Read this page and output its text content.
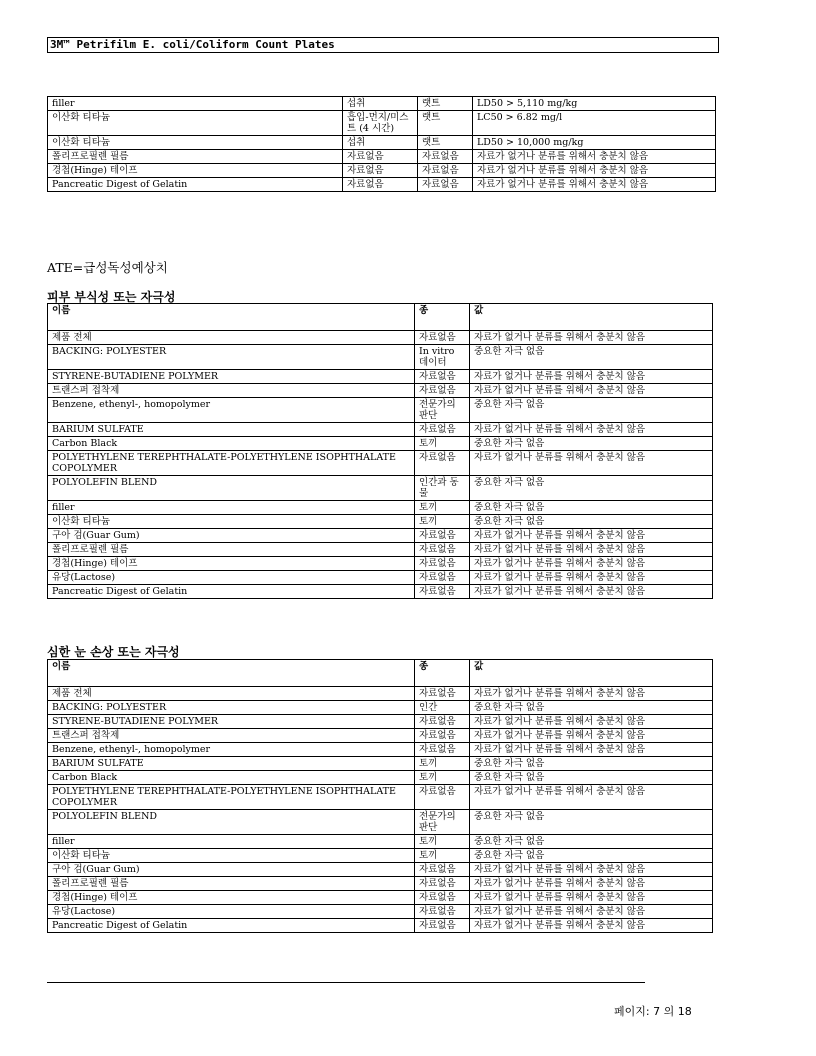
3M™ Petrifilm E. coli/Coliform Count Plates
filler	섭취	랫트	LD50 > 5,110 mg/kg
이산화 티타늄	흡입-먼지/미스트 (4 시간)	랫트	LC50 > 6.82 mg/l
이산화 티타늄	섭취	랫트	LD50 > 10,000 mg/kg
폴리프로필렌 필름	자료없음	자료없음	자료가 없거나 분류를 위해서 충분치 않음
경첩(Hinge) 테이프	자료없음	자료없음	자료가 없거나 분류를 위해서 충분치 않음
Pancreatic Digest of Gelatin	자료없음	자료없음	자료가 없거나 분류를 위해서 충분치 않음
ATE=급성독성예상치
피부 부식성 또는 자극성
이름	종	값
제품 전체	자료없음	자료가 없거나 분류를 위해서 충분치 않음
BACKING: POLYESTER	In vitro 데이터	중요한 자극 없음
STYRENE-BUTADIENE POLYMER	자료없음	자료가 없거나 분류를 위해서 충분치 않음
트랜스퍼 접착제	자료없음	자료가 없거나 분류를 위해서 충분치 않음
Benzene, ethenyl-, homopolymer	전문가의 판단	중요한 자극 없음
BARIUM SULFATE	자료없음	자료가 없거나 분류를 위해서 충분치 않음
Carbon Black	토끼	중요한 자극 없음
POLYETHYLENE TEREPHTHALATE-POLYETHYLENE ISOPHTHALATE COPOLYMER	자료없음	자료가 없거나 분류를 위해서 충분치 않음
POLYOLEFIN BLEND	인간과 동물	중요한 자극 없음
filler	토끼	중요한 자극 없음
이산화 티타늄	토끼	중요한 자극 없음
구아 검(Guar Gum)	자료없음	자료가 없거나 분류를 위해서 충분치 않음
폴리프로필렌 필름	자료없음	자료가 없거나 분류를 위해서 충분치 않음
경첩(Hinge) 테이프	자료없음	자료가 없거나 분류를 위해서 충분치 않음
유당(Lactose)	자료없음	자료가 없거나 분류를 위해서 충분치 않음
Pancreatic Digest of Gelatin	자료없음	자료가 없거나 분류를 위해서 충분치 않음
심한 눈 손상 또는 자극성
이름	종	값
제품 전체	자료없음	자료가 없거나 분류를 위해서 충분치 않음
BACKING: POLYESTER	인간	중요한 자극 없음
STYRENE-BUTADIENE POLYMER	자료없음	자료가 없거나 분류를 위해서 충분치 않음
트랜스퍼 접착제	자료없음	자료가 없거나 분류를 위해서 충분치 않음
Benzene, ethenyl-, homopolymer	자료없음	자료가 없거나 분류를 위해서 충분치 않음
BARIUM SULFATE	토끼	중요한 자극 없음
Carbon Black	토끼	중요한 자극 없음
POLYETHYLENE TEREPHTHALATE-POLYETHYLENE ISOPHTHALATE COPOLYMER	자료없음	자료가 없거나 분류를 위해서 충분치 않음
POLYOLEFIN BLEND	전문가의 판단	중요한 자극 없음
filler	토끼	중요한 자극 없음
이산화 티타늄	토끼	중요한 자극 없음
구아 검(Guar Gum)	자료없음	자료가 없거나 분류를 위해서 충분치 않음
폴리프로필렌 필름	자료없음	자료가 없거나 분류를 위해서 충분치 않음
경첩(Hinge) 테이프	자료없음	자료가 없거나 분류를 위해서 충분치 않음
유당(Lactose)	자료없음	자료가 없거나 분류를 위해서 충분치 않음
Pancreatic Digest of Gelatin	자료없음	자료가 없거나 분류를 위해서 충분치 않음
페이지: 7 의 18
